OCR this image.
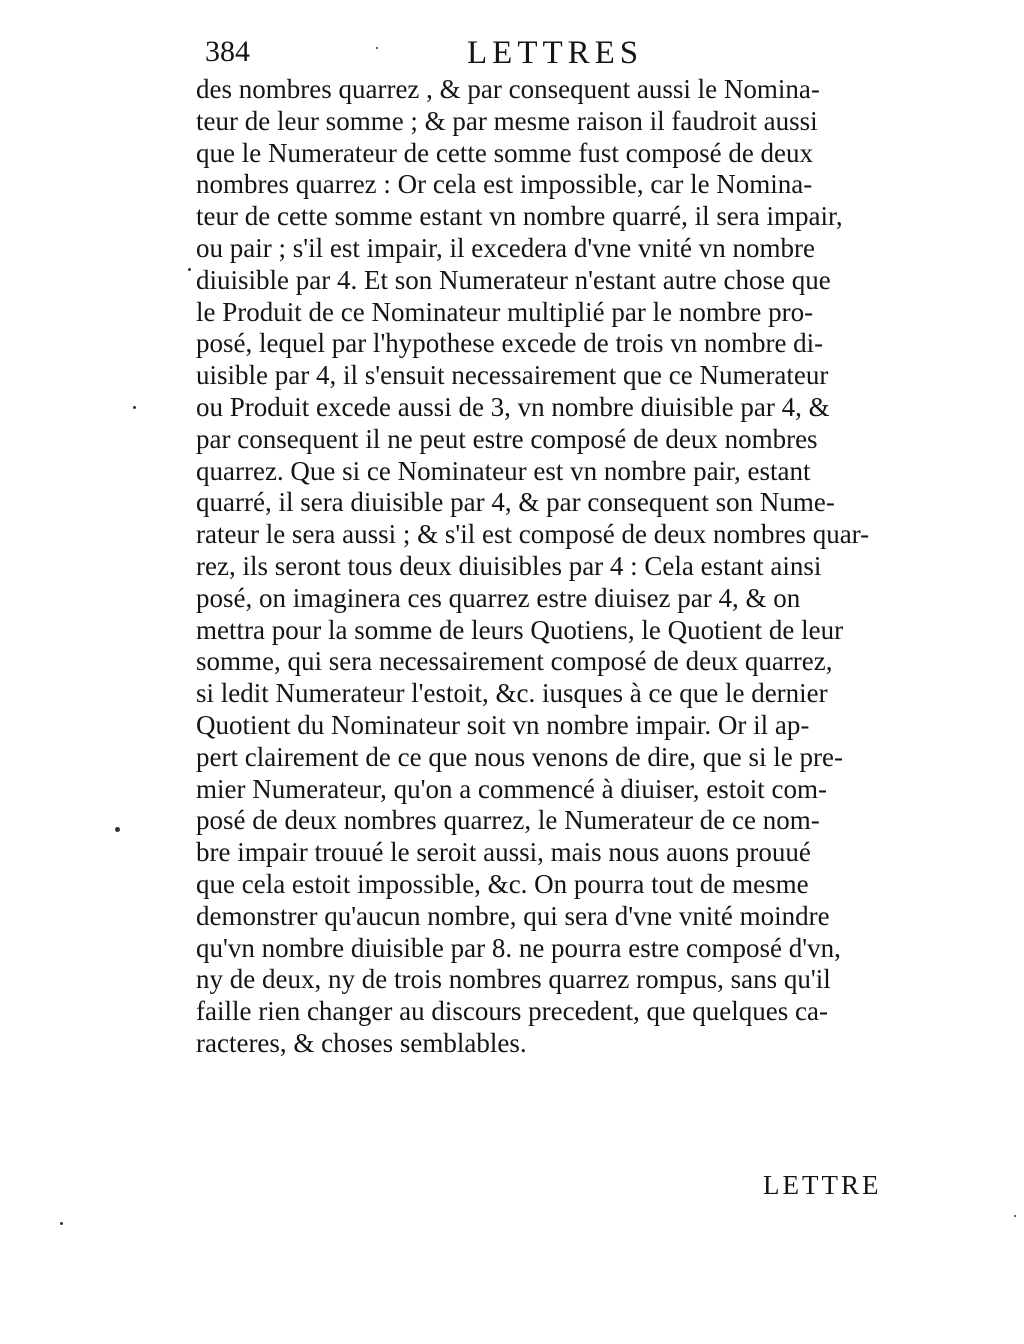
384	LETTRES
des nombres quarrez , & par consequent aussi le Nomina-
teur de leur somme ; & par mesme raison il faudroit aussi
que le Numerateur de cette somme fust composé de deux
nombres quarrez : Or cela est impossible, car le Nomina-
teur de cette somme estant vn nombre quarré, il sera impair,
ou pair ; s'il est impair, il excedera d'vne vnité vn nombre
diuisible par 4. Et son Numerateur n'estant autre chose que
le Produit de ce Nominateur multiplié par le nombre pro-
posé, lequel par l'hypothese excede de trois vn nombre di-
uisible par 4, il s'ensuit necessairement que ce Numerateur
ou Produit excede aussi de 3, vn nombre diuisible par 4, &
par consequent il ne peut estre composé de deux nombres
quarrez. Que si ce Nominateur est vn nombre pair, estant
quarré, il sera diuisible par 4, & par consequent son Nume-
rateur le sera aussi ; & s'il est composé de deux nombres quar-
rez, ils seront tous deux diuisibles par 4 : Cela estant ainsi
posé, on imaginera ces quarrez estre diuisez par 4, & on
mettra pour la somme de leurs Quotiens, le Quotient de leur
somme, qui sera necessairement composé de deux quarrez,
si ledit Numerateur l'estoit, &c. iusques à ce que le dernier
Quotient du Nominateur soit vn nombre impair. Or il ap-
pert clairement de ce que nous venons de dire, que si le pre-
mier Numerateur, qu'on a commencé à diuiser, estoit com-
posé de deux nombres quarrez, le Numerateur de ce nom-
bre impair trouué le seroit aussi, mais nous auons prouué
que cela estoit impossible, &c. On pourra tout de mesme
demonstrer qu'aucun nombre, qui sera d'vne vnité moindre
qu'vn nombre diuisible par 8. ne pourra estre composé d'vn,
ny de deux, ny de trois nombres quarrez rompus, sans qu'il
faille rien changer au discours precedent, que quelques ca-
racteres, & choses semblables.
LETTRE
